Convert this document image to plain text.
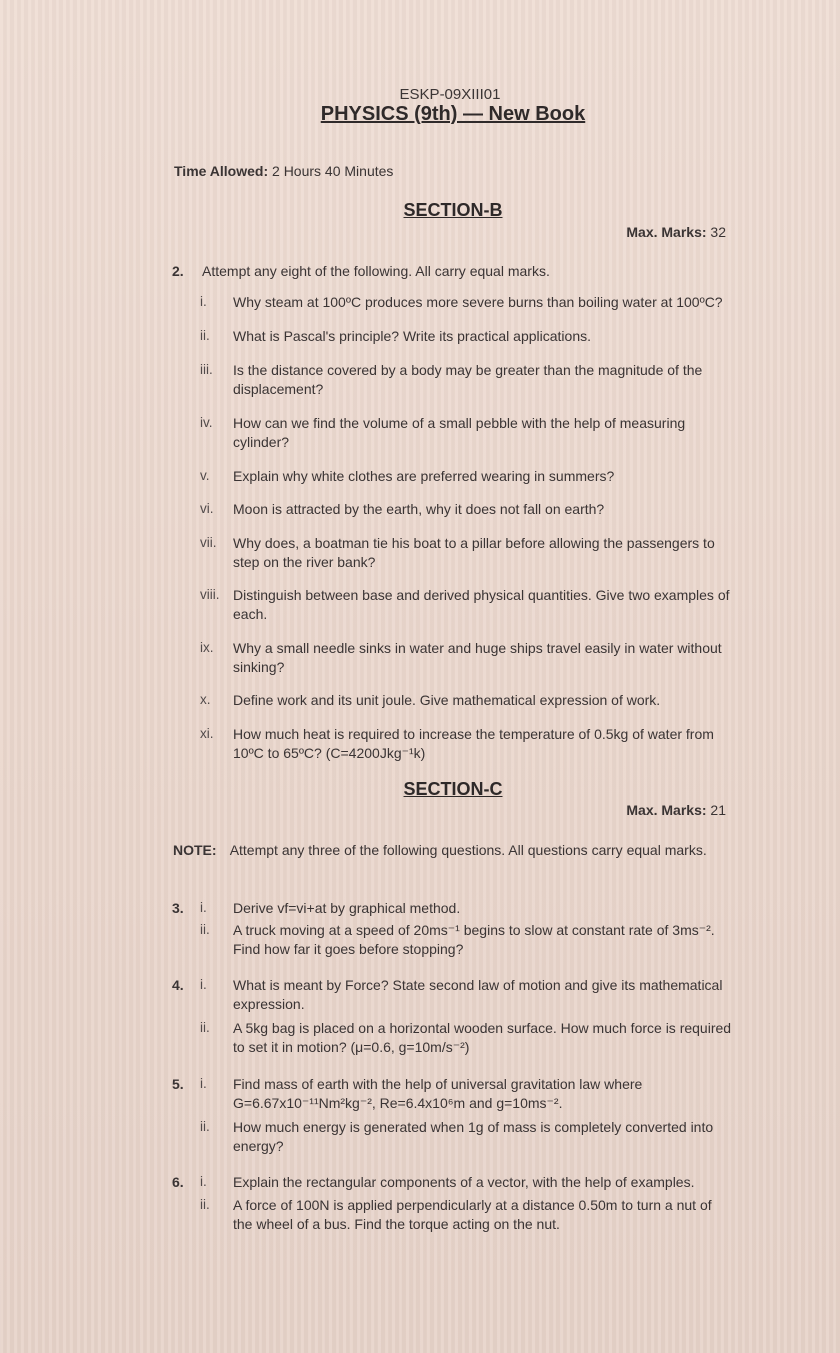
ESKP-09XIII01
PHYSICS (9th) — New Book
Time Allowed: 2 Hours 40 Minutes
SECTION-B
Max. Marks: 32
2. Attempt any eight of the following. All carry equal marks.
i. Why steam at 100ºC produces more severe burns than boiling water at 100ºC?
ii. What is Pascal's principle? Write its practical applications.
iii. Is the distance covered by a body may be greater than the magnitude of the displacement?
iv. How can we find the volume of a small pebble with the help of measuring cylinder?
v. Explain why white clothes are preferred wearing in summers?
vi. Moon is attracted by the earth, why it does not fall on earth?
vii. Why does, a boatman tie his boat to a pillar before allowing the passengers to step on the river bank?
viii. Distinguish between base and derived physical quantities. Give two examples of each.
ix. Why a small needle sinks in water and huge ships travel easily in water without sinking?
x. Define work and its unit joule. Give mathematical expression of work.
xi. How much heat is required to increase the temperature of 0.5kg of water from 10ºC to 65ºC? (C=4200Jkg⁻¹k)
SECTION-C
Max. Marks: 21
NOTE: Attempt any three of the following questions. All questions carry equal marks.
3. i. Derive vf=vi+at by graphical method.
ii. A truck moving at a speed of 20ms⁻¹ begins to slow at constant rate of 3ms⁻². Find how far it goes before stopping?
4. i. What is meant by Force? State second law of motion and give its mathematical expression.
ii. A 5kg bag is placed on a horizontal wooden surface. How much force is required to set it in motion? (μ=0.6, g=10m/s⁻²)
5. i. Find mass of earth with the help of universal gravitation law where G=6.67x10⁻¹¹Nm²kg⁻², Re=6.4x10⁶m and g=10ms⁻².
ii. How much energy is generated when 1g of mass is completely converted into energy?
6. i. Explain the rectangular components of a vector, with the help of examples.
ii. A force of 100N is applied perpendicularly at a distance 0.50m to turn a nut of the wheel of a bus. Find the torque acting on the nut.
